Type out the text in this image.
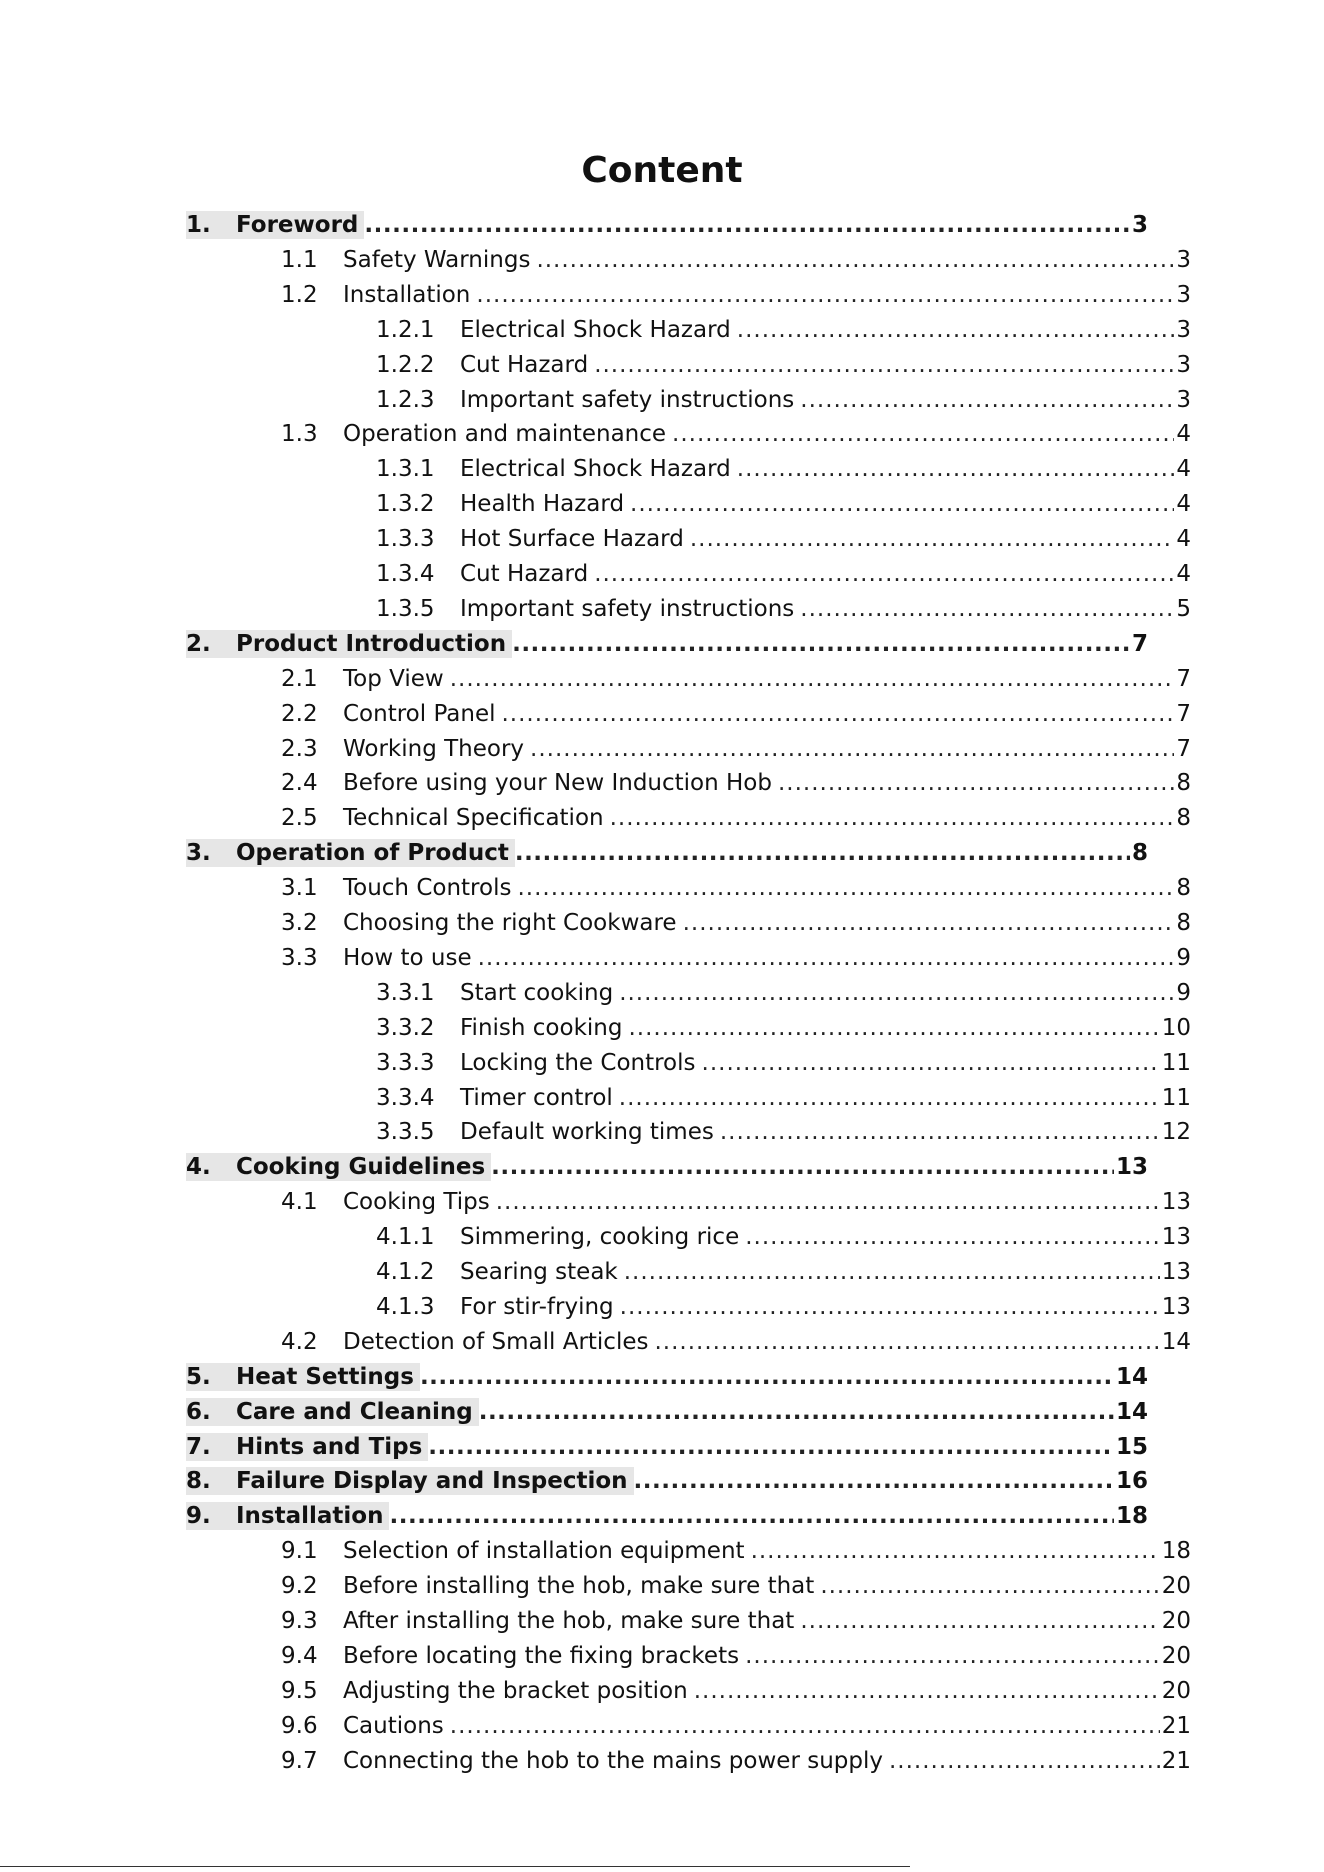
Content
1.	Foreword .....	3
1.1	Safety Warnings .....	3
1.2	Installation .....	3
1.2.1	Electrical Shock Hazard .....	3
1.2.2	Cut Hazard .....	3
1.2.3	Important safety instructions .....	3
1.3	Operation and maintenance .....	4
1.3.1	Electrical Shock Hazard .....	4
1.3.2	Health Hazard .....	4
1.3.3	Hot Surface Hazard .....	4
1.3.4	Cut Hazard .....	4
1.3.5	Important safety instructions .....	5
2.	Product Introduction .....	7
2.1	Top View .....	7
2.2	Control Panel .....	7
2.3	Working Theory .....	7
2.4	Before using your New Induction Hob .....	8
2.5	Technical Specification .....	8
3.	Operation of Product .....	8
3.1	Touch Controls .....	8
3.2	Choosing the right Cookware .....	8
3.3	How to use .....	9
3.3.1	Start cooking .....	9
3.3.2	Finish cooking .....	10
3.3.3	Locking the Controls .....	11
3.3.4	Timer control .....	11
3.3.5	Default working times .....	12
4.	Cooking Guidelines .....	13
4.1	Cooking Tips .....	13
4.1.1	Simmering, cooking rice .....	13
4.1.2	Searing steak .....	13
4.1.3	For stir-frying .....	13
4.2	Detection of Small Articles .....	14
5.	Heat Settings .....	14
6.	Care and Cleaning .....	14
7.	Hints and Tips .....	15
8.	Failure Display and Inspection .....	16
9.	Installation .....	18
9.1	Selection of installation equipment .....	18
9.2	Before installing the hob, make sure that .....	20
9.3	After installing the hob, make sure that .....	20
9.4	Before locating the fixing brackets .....	20
9.5	Adjusting the bracket position .....	20
9.6	Cautions .....	21
9.7	Connecting the hob to the mains power supply .....	21
